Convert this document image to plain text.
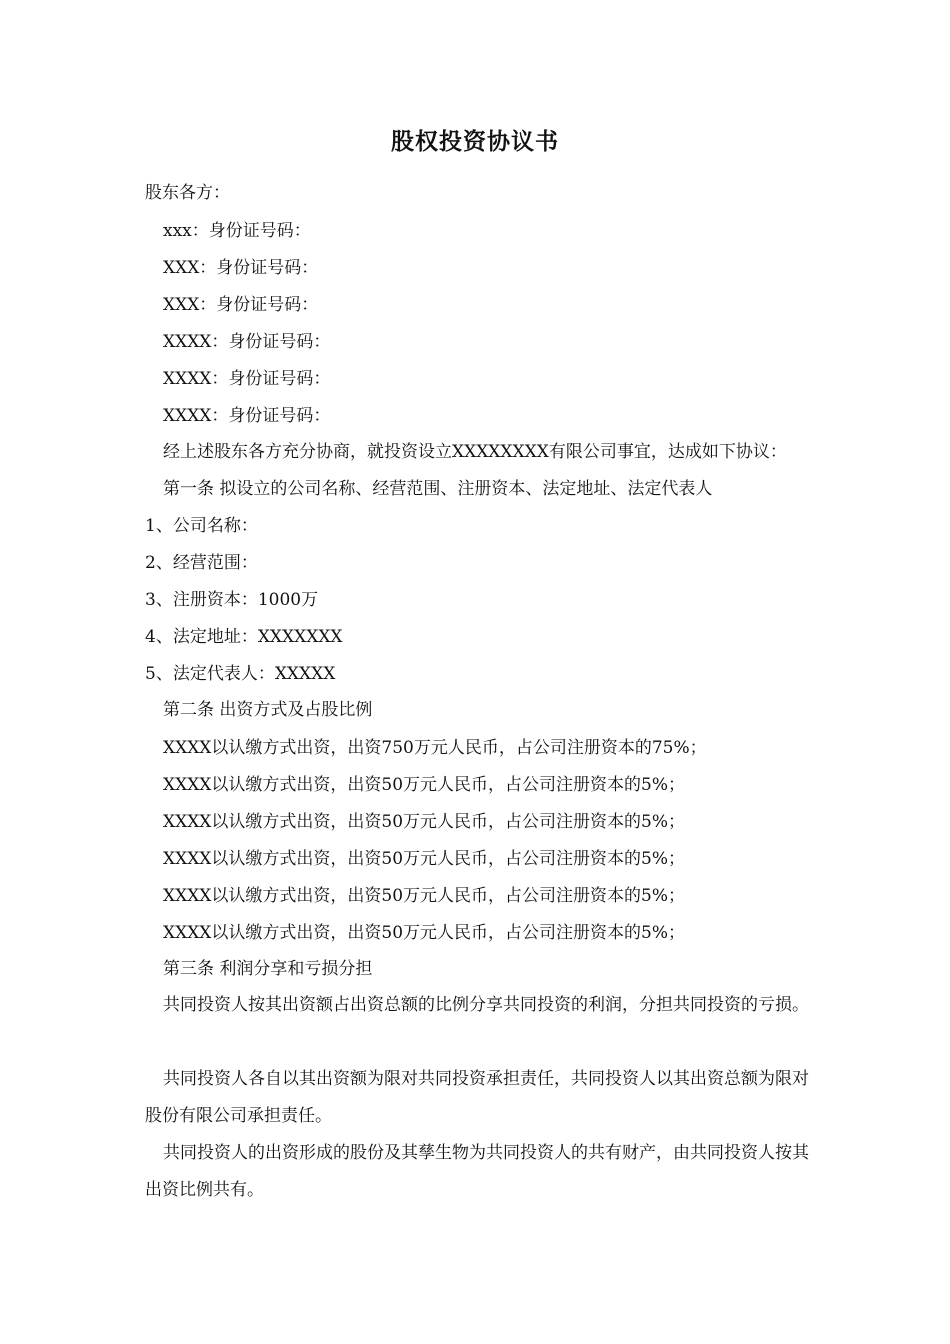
股权投资协议书
股东各方：
xxx：身份证号码：
XXX：身份证号码：
XXX：身份证号码：
XXXX：身份证号码：
XXXX：身份证号码：
XXXX：身份证号码：
经上述股东各方充分协商，就投资设立XXXXXXXX有限公司事宜，达成如下协议：
第一条 拟设立的公司名称、经营范围、注册资本、法定地址、法定代表人
1、公司名称：
2、经营范围：
3、注册资本：1000万
4、法定地址：XXXXXXX
5、法定代表人：XXXXX
第二条 出资方式及占股比例
XXXX以认缴方式出资，出资750万元人民币，占公司注册资本的75%；
XXXX以认缴方式出资，出资50万元人民币，占公司注册资本的5%；
XXXX以认缴方式出资，出资50万元人民币，占公司注册资本的5%；
XXXX以认缴方式出资，出资50万元人民币，占公司注册资本的5%；
XXXX以认缴方式出资，出资50万元人民币，占公司注册资本的5%；
XXXX以认缴方式出资，出资50万元人民币，占公司注册资本的5%；
第三条 利润分享和亏损分担
共同投资人按其出资额占出资总额的比例分享共同投资的利润，分担共同投资的亏损。
共同投资人各自以其出资额为限对共同投资承担责任，共同投资人以其出资总额为限对股份有限公司承担责任。
共同投资人的出资形成的股份及其孳生物为共同投资人的共有财产，由共同投资人按其出资比例共有。
